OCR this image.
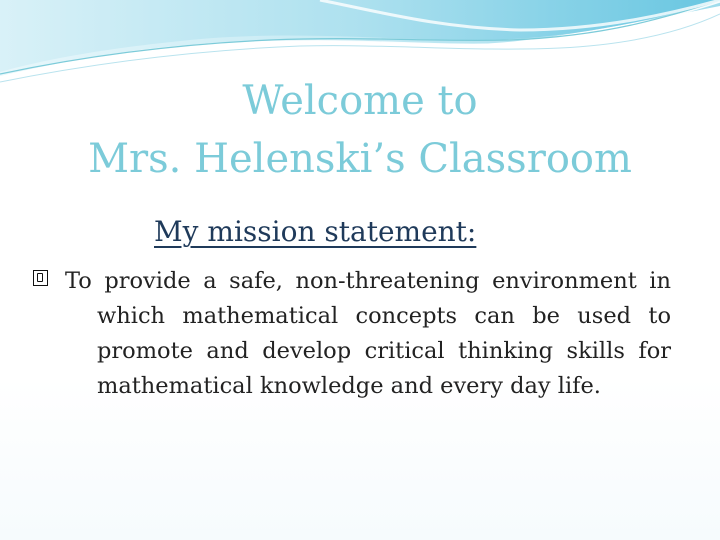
Welcome to
Mrs. Helenski’s Classroom
My mission statement:

To provide a safe, non-threatening environment in which mathematical concepts can be used to promote and develop critical thinking skills for mathematical knowledge and every day life.
